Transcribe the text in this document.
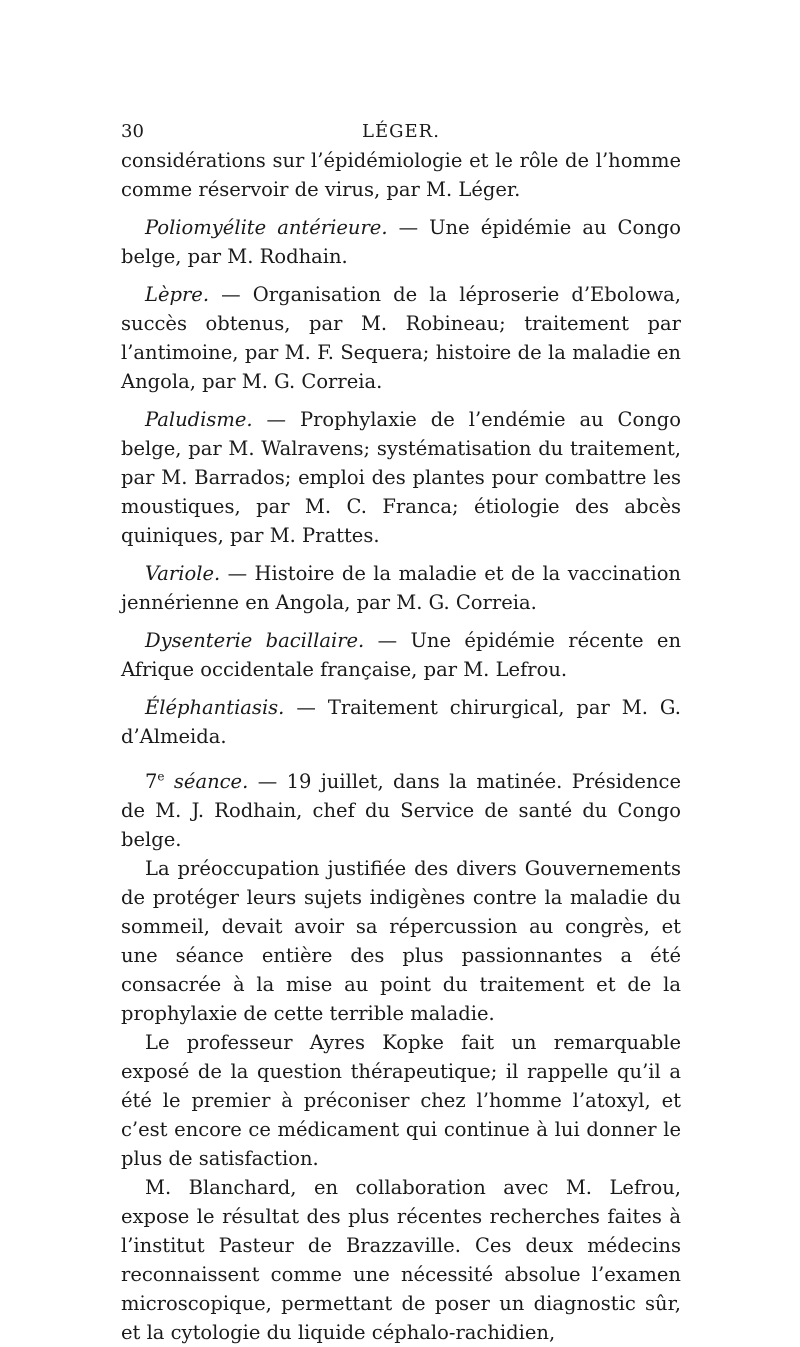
30	LÉGER.

considérations sur l’épidémiologie et le rôle de l’homme comme réservoir de virus, par M. Léger.

Poliomyélite antérieure. — Une épidémie au Congo belge, par M. Rodhain.

Lèpre. — Organisation de la léproserie d’Ebolowa, succès obtenus, par M. Robineau; traitement par l’antimoine, par M. F. Sequera; histoire de la maladie en Angola, par M. G. Correia.

Paludisme. — Prophylaxie de l’endémie au Congo belge, par M. Walravens; systématisation du traitement, par M. Barrados; emploi des plantes pour combattre les moustiques, par M. C. Franca; étiologie des abcès quiniques, par M. Prattes.

Variole. — Histoire de la maladie et de la vaccination jennérienne en Angola, par M. G. Correia.

Dysenterie bacillaire. — Une épidémie récente en Afrique occidentale française, par M. Lefrou.

Éléphantiasis. — Traitement chirurgical, par M. G. d’Almeida.

7e séance. — 19 juillet, dans la matinée. Présidence de M. J. Rodhain, chef du Service de santé du Congo belge.

La préoccupation justifiée des divers Gouvernements de protéger leurs sujets indigènes contre la maladie du sommeil, devait avoir sa répercussion au congrès, et une séance entière des plus passionnantes a été consacrée à la mise au point du traitement et de la prophylaxie de cette terrible maladie.

Le professeur Ayres Kopke fait un remarquable exposé de la question thérapeutique; il rappelle qu’il a été le premier à préconiser chez l’homme l’atoxyl, et c’est encore ce médicament qui continue à lui donner le plus de satisfaction.

M. Blanchard, en collaboration avec M. Lefrou, expose le résultat des plus récentes recherches faites à l’institut Pasteur de Brazzaville. Ces deux médecins reconnaissent comme une nécessité absolue l’examen microscopique, permettant de poser un diagnostic sûr, et la cytologie du liquide céphalo-rachidien,
